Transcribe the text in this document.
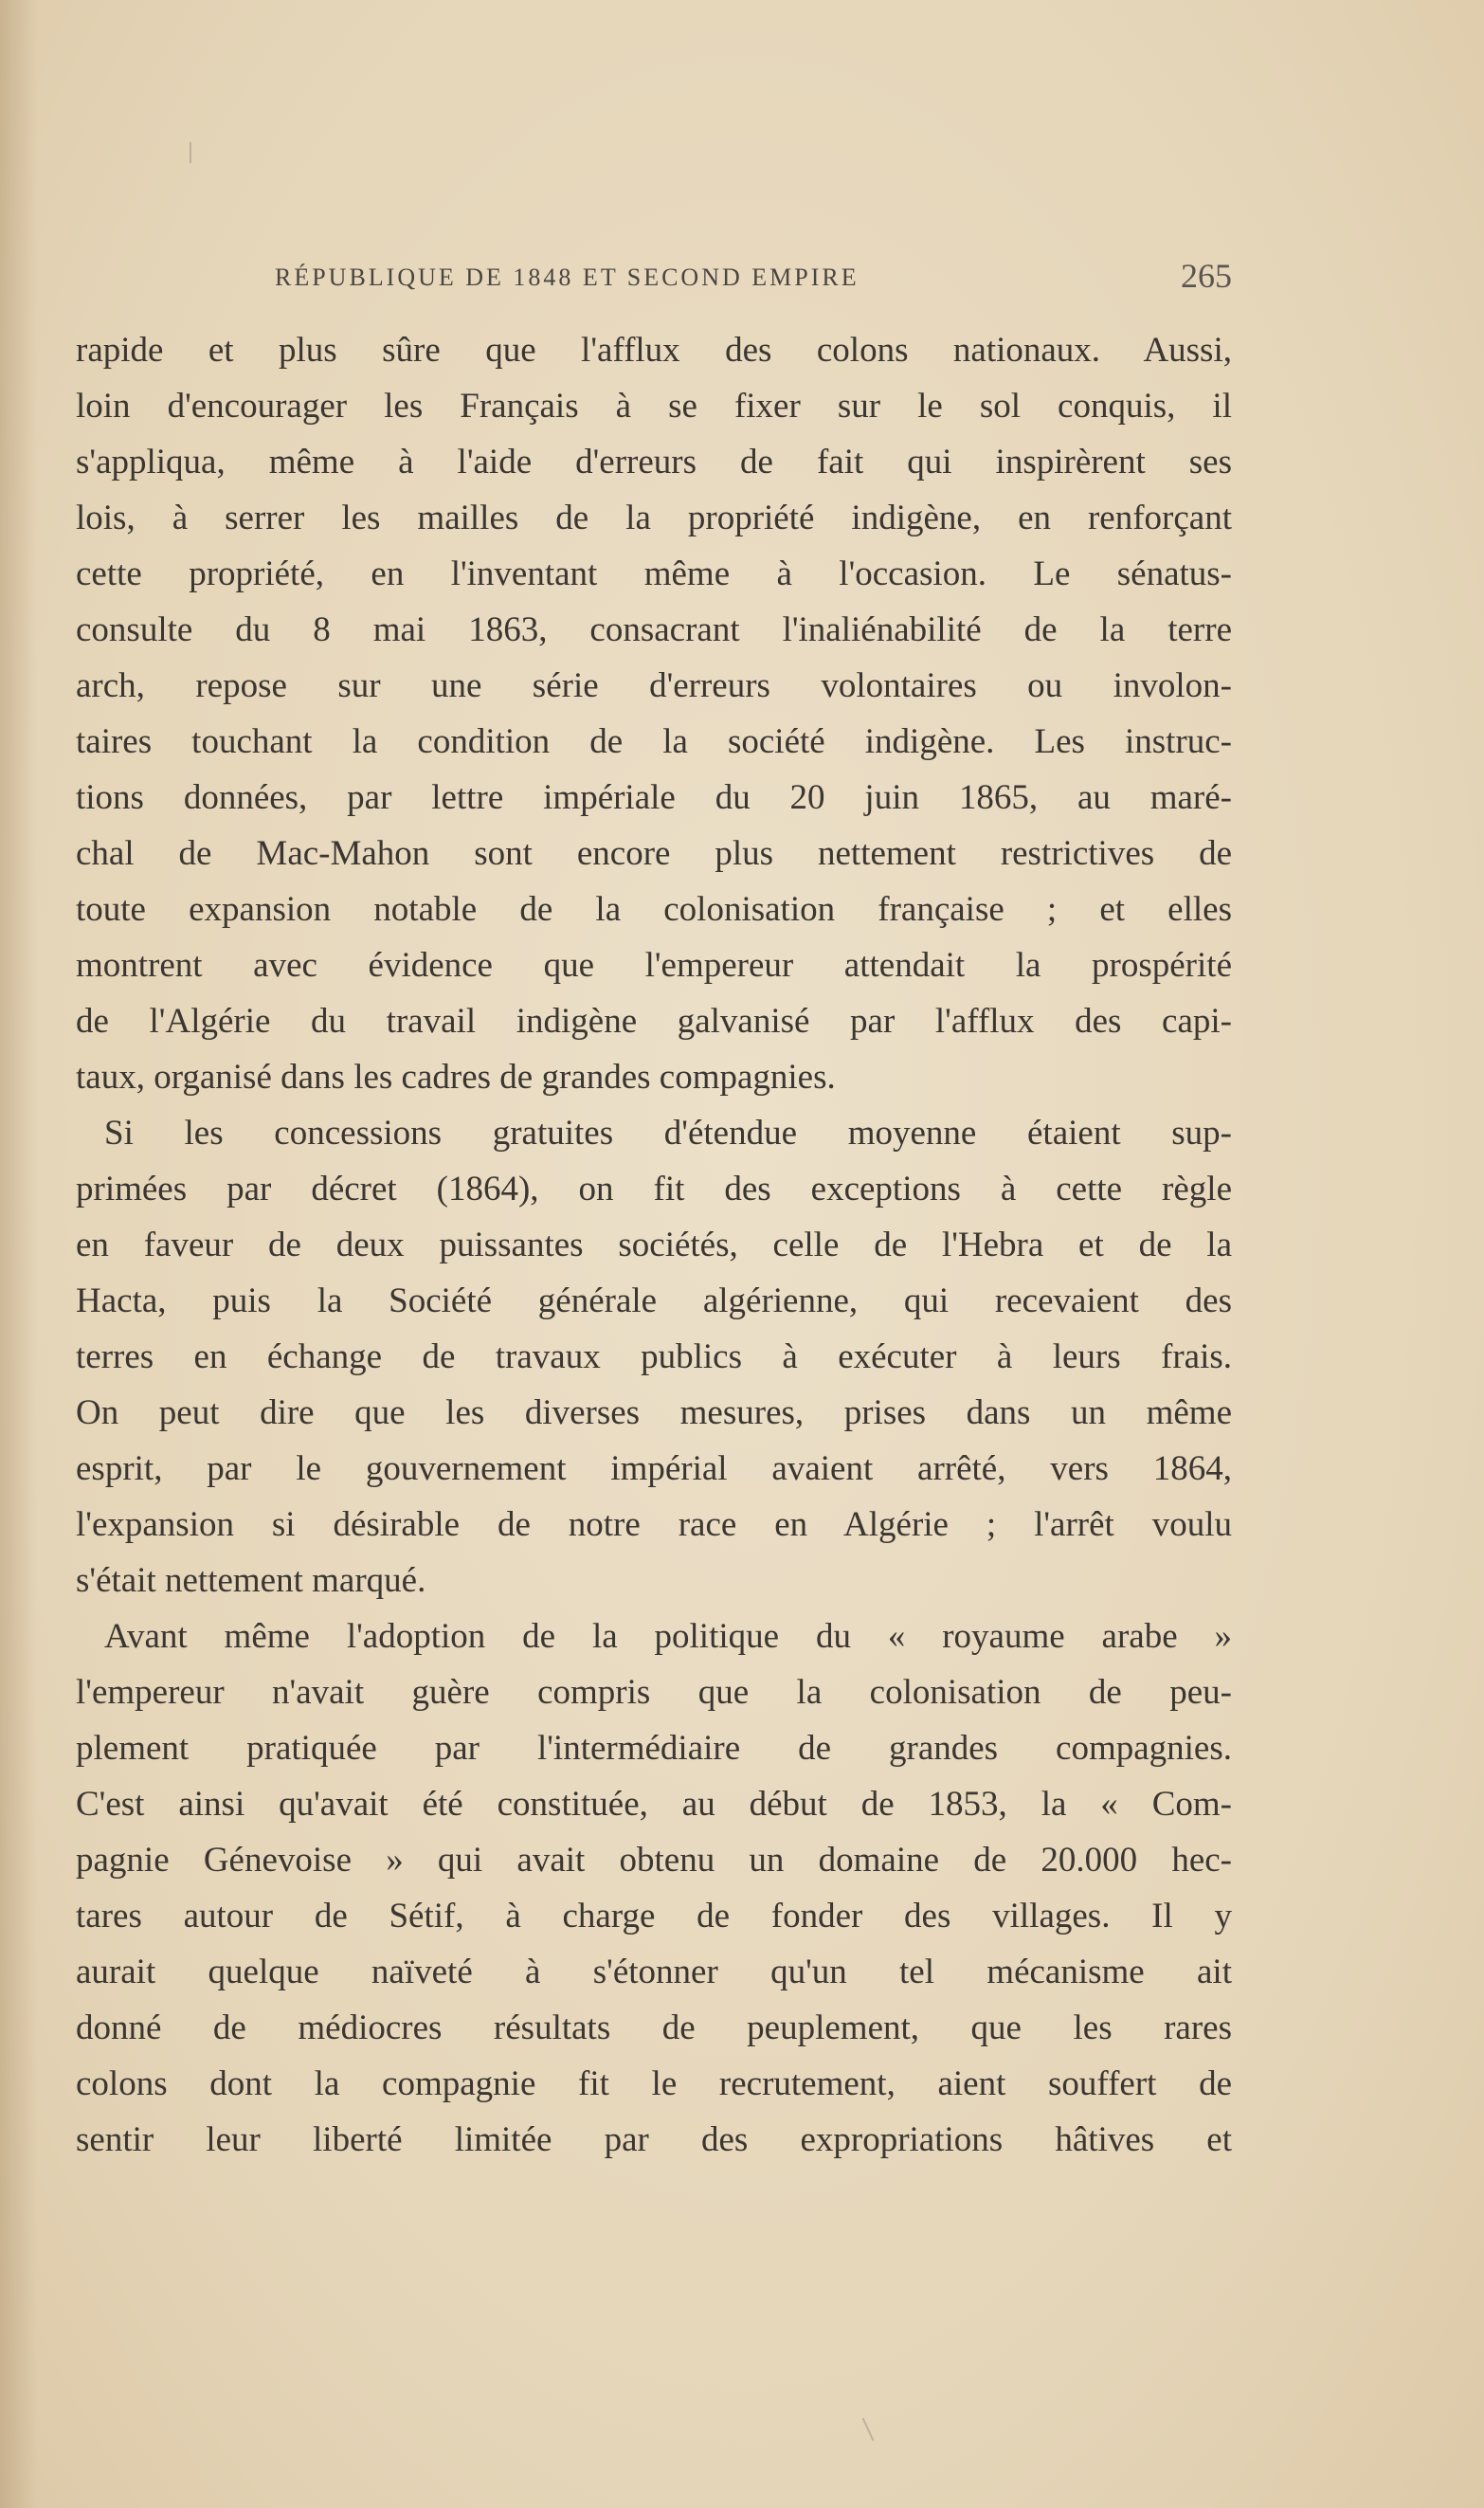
RÉPUBLIQUE DE 1848 ET SECOND EMPIRE	265
rapide et plus sûre que l'afflux des colons nationaux. Aussi,
loin d'encourager les Français à se fixer sur le sol conquis, il
s'appliqua, même à l'aide d'erreurs de fait qui inspirèrent ses
lois, à serrer les mailles de la propriété indigène, en renforçant
cette propriété, en l'inventant même à l'occasion. Le sénatus-
consulte du 8 mai 1863, consacrant l'inaliénabilité de la terre
arch, repose sur une série d'erreurs volontaires ou involon-
taires touchant la condition de la société indigène. Les instruc-
tions données, par lettre impériale du 20 juin 1865, au maré-
chal de Mac-Mahon sont encore plus nettement restrictives de
toute expansion notable de la colonisation française ; et elles
montrent avec évidence que l'empereur attendait la prospérité
de l'Algérie du travail indigène galvanisé par l'afflux des capi-
taux, organisé dans les cadres de grandes compagnies.
Si les concessions gratuites d'étendue moyenne étaient sup-
primées par décret (1864), on fit des exceptions à cette règle
en faveur de deux puissantes sociétés, celle de l'Hebra et de la
Hacta, puis la Société générale algérienne, qui recevaient des
terres en échange de travaux publics à exécuter à leurs frais.
On peut dire que les diverses mesures, prises dans un même
esprit, par le gouvernement impérial avaient arrêté, vers 1864,
l'expansion si désirable de notre race en Algérie ; l'arrêt voulu
s'était nettement marqué.
Avant même l'adoption de la politique du « royaume arabe »
l'empereur n'avait guère compris que la colonisation de peu-
plement pratiquée par l'intermédiaire de grandes compagnies.
C'est ainsi qu'avait été constituée, au début de 1853, la « Com-
pagnie Génevoise » qui avait obtenu un domaine de 20.000 hec-
tares autour de Sétif, à charge de fonder des villages. Il y
aurait quelque naïveté à s'étonner qu'un tel mécanisme ait
donné de médiocres résultats de peuplement, que les rares
colons dont la compagnie fit le recrutement, aient souffert de
sentir leur liberté limitée par des expropriations hâtives et
